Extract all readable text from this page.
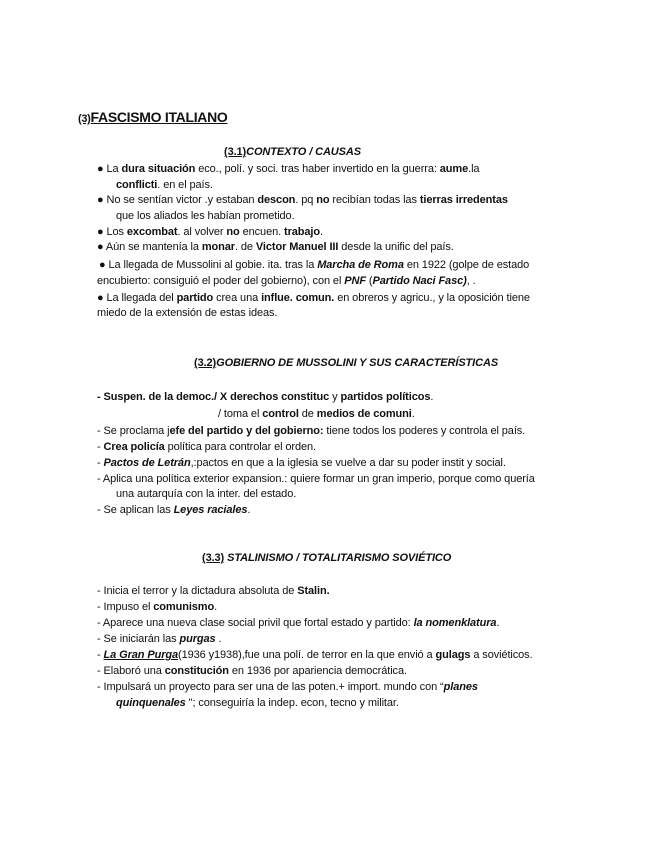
(3)FASCISMO ITALIANO
(3.1)CONTEXTO / CAUSAS
● La dura situación eco., polí. y soci. tras haber invertido en la guerra: aume.la
conflicti. en el país.
● No se sentían victor .y estaban descon. pq no recibían todas las tierras irredentas
que los aliados les habían prometido.
● Los excombat. al volver no encuen. trabajo.
● Aún se mantenía la monar. de Victor Manuel III desde la unific del país.
● La llegada de Mussolini al gobie. ita. tras la Marcha de Roma en 1922 (golpe de estado
encubierto: consiguió el poder del gobierno), con el PNF (Partido Naci Fasc), .
● La llegada del partido crea una influe. comun. en obreros y agricu., y la oposición tiene
miedo de la extensión de estas ideas.
(3.2)GOBIERNO DE MUSSOLINI Y SUS CARACTERÍSTICAS
- Suspen. de la democ./ X derechos constituc y partidos políticos.
/ toma el control de medios de comuni.
- Se proclama jefe del partido y del gobierno: tiene todos los poderes y controla el país.
- Crea policía política para controlar el orden.
- Pactos de Letrán,:pactos en que a la iglesia se vuelve a dar su poder instit y social.
- Aplica una política exterior expansion.: quiere formar un gran imperio, porque como quería
una autarquía con la inter. del estado.
- Se aplican las Leyes raciales.
(3.3) STALINISMO / TOTALITARISMO SOVIÉTICO
- Inicia el terror y la dictadura absoluta de Stalin.
- Impuso el comunismo.
- Aparece una nueva clase social privil que fortal estado y partido: la nomenklatura.
- Se iniciarán las purgas .
- La Gran Purga(1936 y1938),fue una polí. de terror en la que envió a gulags a soviéticos.
- Elaboró una constitución en 1936 por apariencia democrática.
- Impulsará un proyecto para ser una de las poten.+ import. mundo con “planes
quinquenales "; conseguiría la indep. econ, tecno y militar.
